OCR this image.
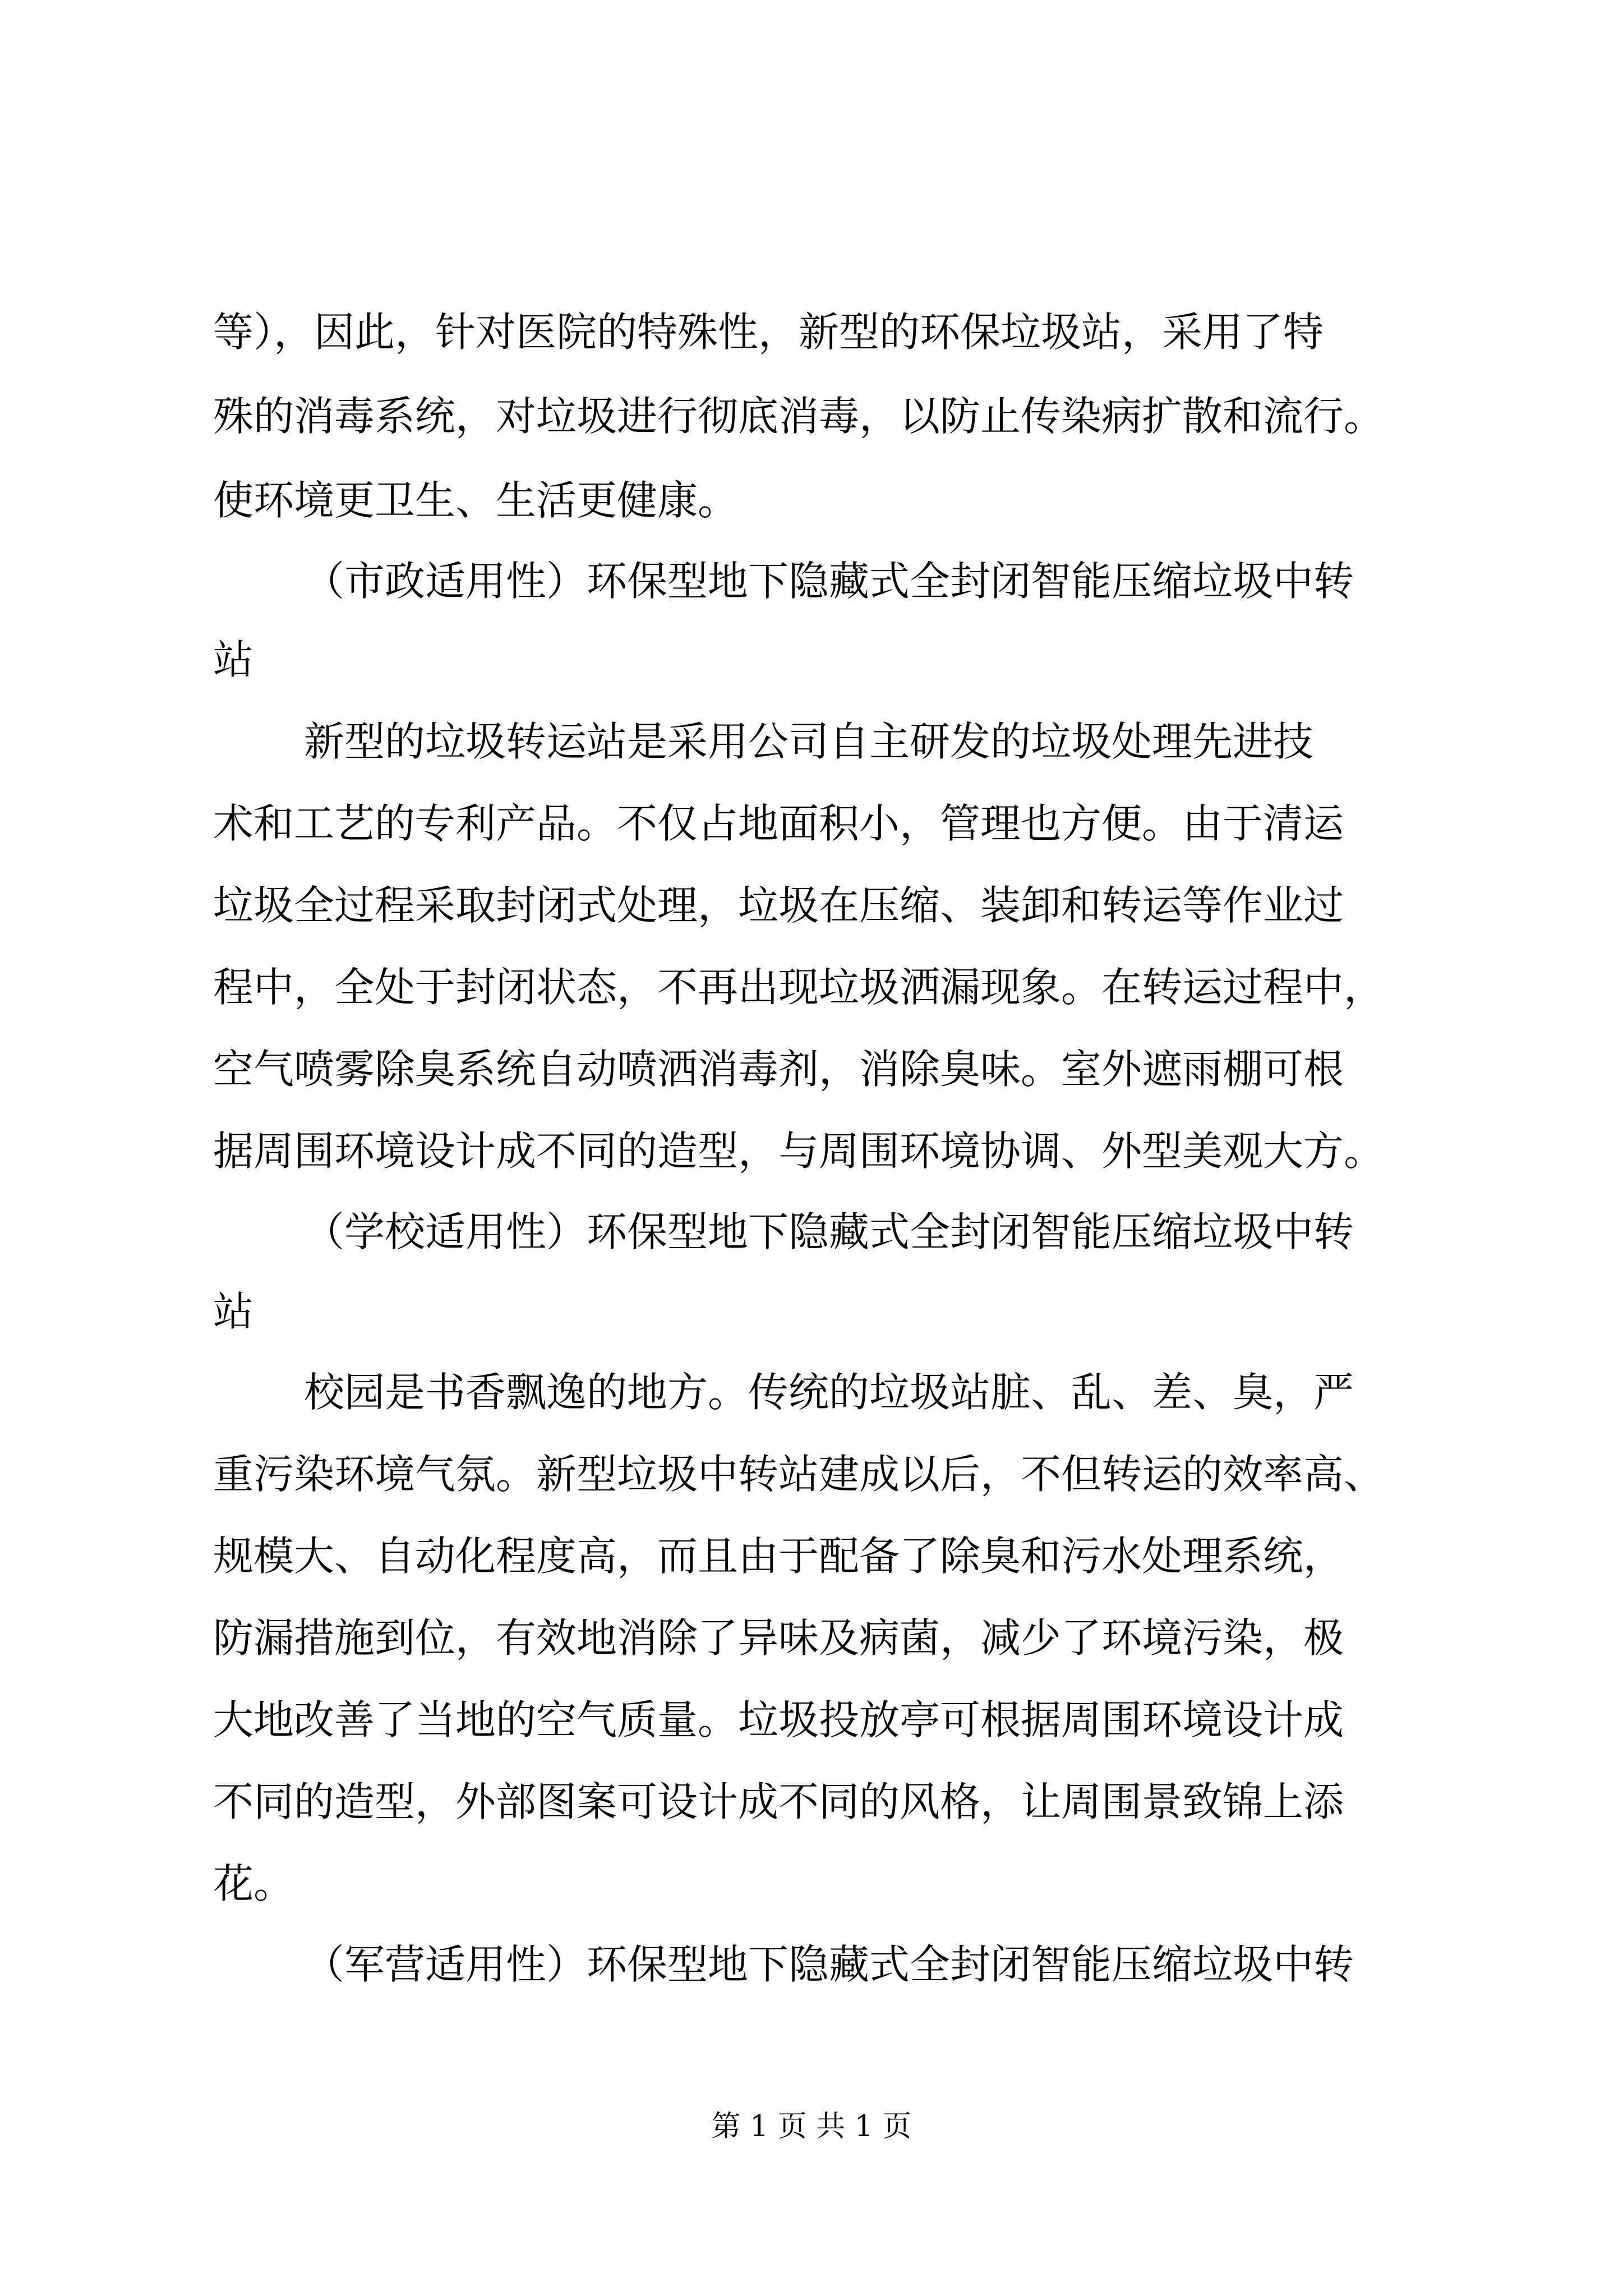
等），因此，针对医院的特殊性，新型的环保垃圾站，采用了特
殊的消毒系统，对垃圾进行彻底消毒，以防止传染病扩散和流行。
使环境更卫生、生活更健康。
（市政适用性）环保型地下隐藏式全封闭智能压缩垃圾中转
站
新型的垃圾转运站是采用公司自主研发的垃圾处理先进技
术和工艺的专利产品。不仅占地面积小，管理也方便。由于清运
垃圾全过程采取封闭式处理，垃圾在压缩、装卸和转运等作业过
程中，全处于封闭状态，不再出现垃圾洒漏现象。在转运过程中，
空气喷雾除臭系统自动喷洒消毒剂，消除臭味。室外遮雨棚可根
据周围环境设计成不同的造型，与周围环境协调、外型美观大方。
（学校适用性）环保型地下隐藏式全封闭智能压缩垃圾中转
站
校园是书香飘逸的地方。传统的垃圾站脏、乱、差、臭，严
重污染环境气氛。新型垃圾中转站建成以后，不但转运的效率高、
规模大、自动化程度高，而且由于配备了除臭和污水处理系统，
防漏措施到位，有效地消除了异味及病菌，减少了环境污染，极
大地改善了当地的空气质量。垃圾投放亭可根据周围环境设计成
不同的造型，外部图案可设计成不同的风格，让周围景致锦上添
花。
（军营适用性）环保型地下隐藏式全封闭智能压缩垃圾中转
第 1 页 共 1 页
